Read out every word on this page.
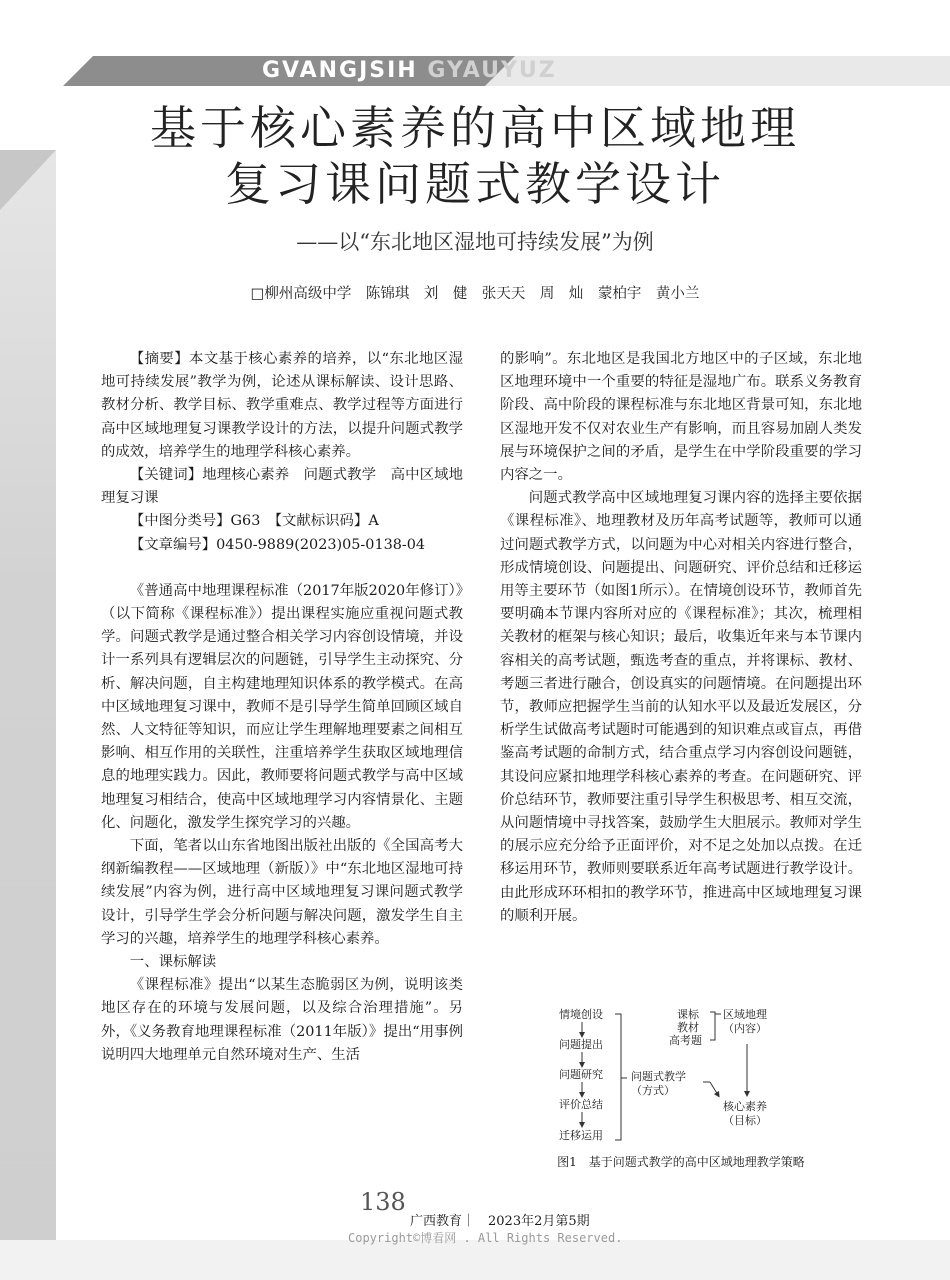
GVANGJSIH GYAUYUZ
基于核心素养的高中区域地理
复习课问题式教学设计
——以“东北地区湿地可持续发展”为例
□柳州高级中学　陈锦琪　刘　健　张天天　周　灿　蒙柏宇　黄小兰

【摘要】本文基于核心素养的培养，以“东北地区湿地可持续发展”教学为例，论述从课标解读、设计思路、教材分析、教学目标、教学重难点、教学过程等方面进行高中区域地理复习课教学设计的方法，以提升问题式教学的成效，培养学生的地理学科核心素养。

【关键词】地理核心素养　问题式教学　高中区域地理复习课

【中图分类号】G63　 【文献标识码】A

【文章编号】0450-9889(2023)05-0138-04

《普通高中地理课程标准（2017年版2020年修订）》（以下简称《课程标准》）提出课程实施应重视问题式教学。问题式教学是通过整合相关学习内容创设情境，并设计一系列具有逻辑层次的问题链，引导学生主动探究、分析、解决问题，自主构建地理知识体系的教学模式。在高中区域地理复习课中，教师不是引导学生简单回顾区域自然、人文特征等知识，而应让学生理解地理要素之间相互影响、相互作用的关联性，注重培养学生获取区域地理信息的地理实践力。因此，教师要将问题式教学与高中区域地理复习相结合，使高中区域地理学习内容情景化、主题化、问题化，激发学生探究学习的兴趣。

下面，笔者以山东省地图出版社出版的《全国高考大纲新编教程——区域地理（新版）》中“东北地区湿地可持续发展”内容为例，进行高中区域地理复习课问题式教学设计，引导学生学会分析问题与解决问题，激发学生自主学习的兴趣，培养学生的地理学科核心素养。

一、课标解读

《课程标准》提出“以某生态脆弱区为例，说明该类地区存在的环境与发展问题，以及综合治理措施”。另外，《义务教育地理课程标准（2011年版）》提出“用事例说明四大地理单元自然环境对生产、生活

的影响”。东北地区是我国北方地区中的子区域，东北地区地理环境中一个重要的特征是湿地广布。联系义务教育阶段、高中阶段的课程标准与东北地区背景可知，东北地区湿地开发不仅对农业生产有影响，而且容易加剧人类发展与环境保护之间的矛盾，是学生在中学阶段重要的学习内容之一。

问题式教学高中区域地理复习课内容的选择主要依据《课程标准》、地理教材及历年高考试题等，教师可以通过问题式教学方式，以问题为中心对相关内容进行整合，形成情境创设、问题提出、问题研究、评价总结和迁移运用等主要环节（如图1所示）。在情境创设环节，教师首先要明确本节课内容所对应的《课程标准》；其次，梳理相关教材的框架与核心知识；最后，收集近年来与本节课内容相关的高考试题，甄选考查的重点，并将课标、教材、考题三者进行融合，创设真实的问题情境。在问题提出环节，教师应把握学生当前的认知水平以及最近发展区，分析学生试做高考试题时可能遇到的知识难点或盲点，再借鉴高考试题的命制方式，结合重点学习内容创设问题链，其设问应紧扣地理学科核心素养的考查。在问题研究、评价总结环节，教师要注重引导学生积极思考、相互交流，从问题情境中寻找答案，鼓励学生大胆展示。教师对学生的展示应充分给予正面评价，对不足之处加以点拨。在迁移运用环节，教师则要联系近年高考试题进行教学设计。由此形成环环相扣的教学环节，推进高中区域地理复习课的顺利开展。

情境创设
问题提出
问题研究
评价总结
迁移运用
课标
教材
高考题
区域地理
（内容）
问题式教学
（方式）
核心素养
（目标）
图1　基于问题式教学的高中区域地理教学策略
138
广西教育｜　2023年2月第5期
Copyright©博看网 . All Rights Reserved.
